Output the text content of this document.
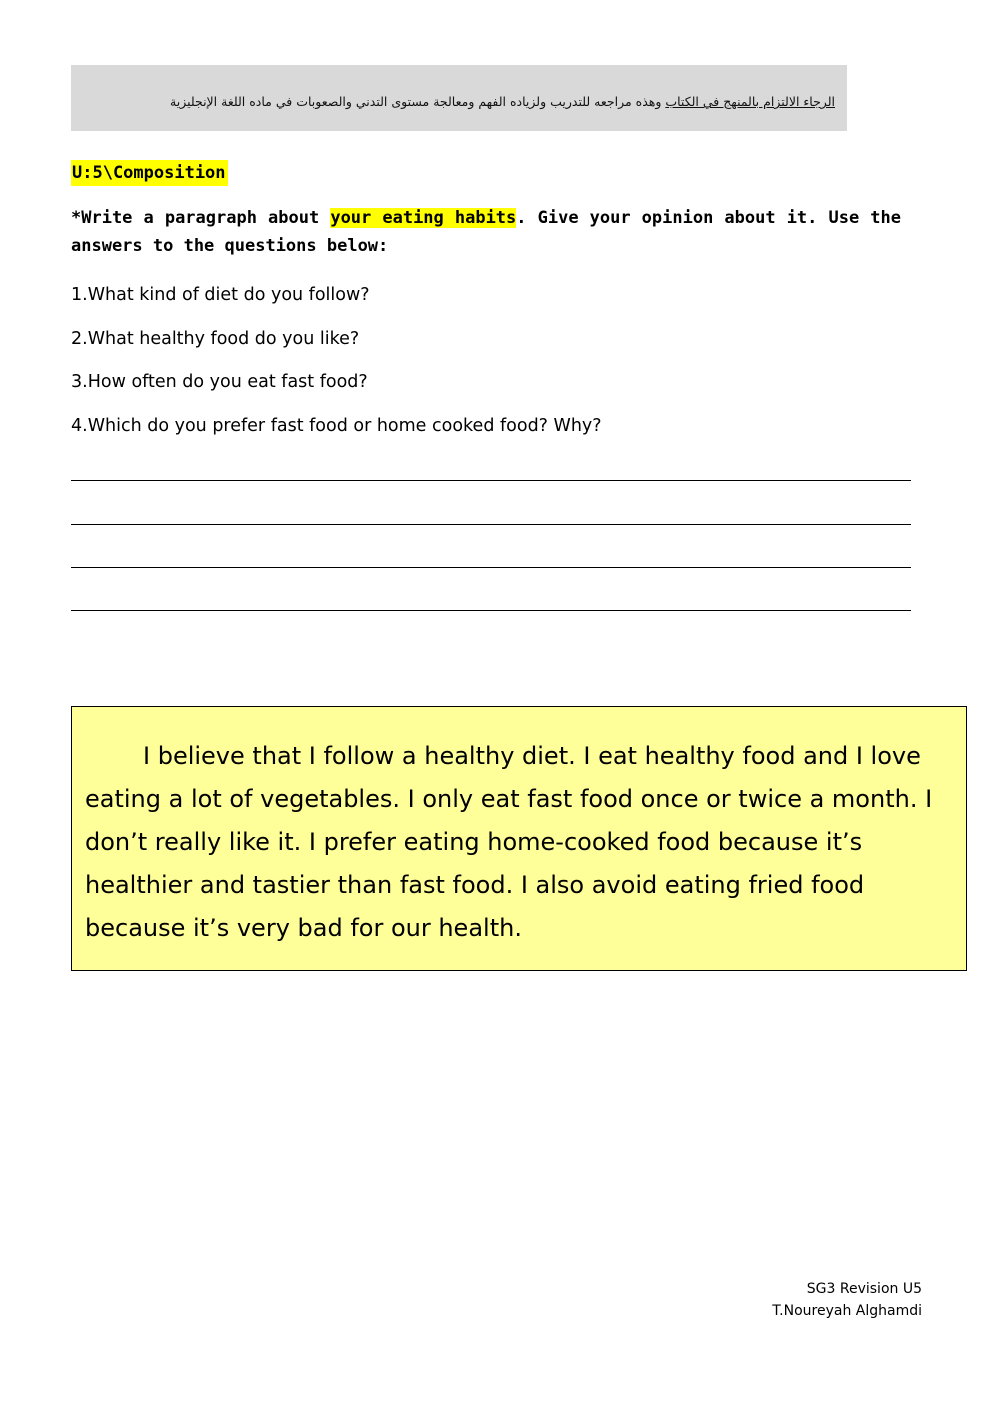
الرجاء الالتزام بالمنهج في الكتاب وهذه مراجعه للتدريب ولزياده الفهم ومعالجة مستوى التدني والصعوبات في ماده اللغة الإنجليزية
U:5\Composition
*Write a paragraph about your eating habits. Give your opinion about it. Use the answers to the questions below:
1.What kind of diet do you follow?
2.What healthy food do you like?
3.How often do you eat fast food?
4.Which do you prefer fast food or home cooked food? Why?

I believe that I follow a healthy diet. I eat healthy food and I love eating a lot of vegetables. I only eat fast food once or twice a month. I don’t really like it. I prefer eating home-cooked food because it’s healthier and tastier than fast food. I also avoid eating fried food because it’s very bad for our health.

SG3 Revision U5
T.Noureyah Alghamdi
